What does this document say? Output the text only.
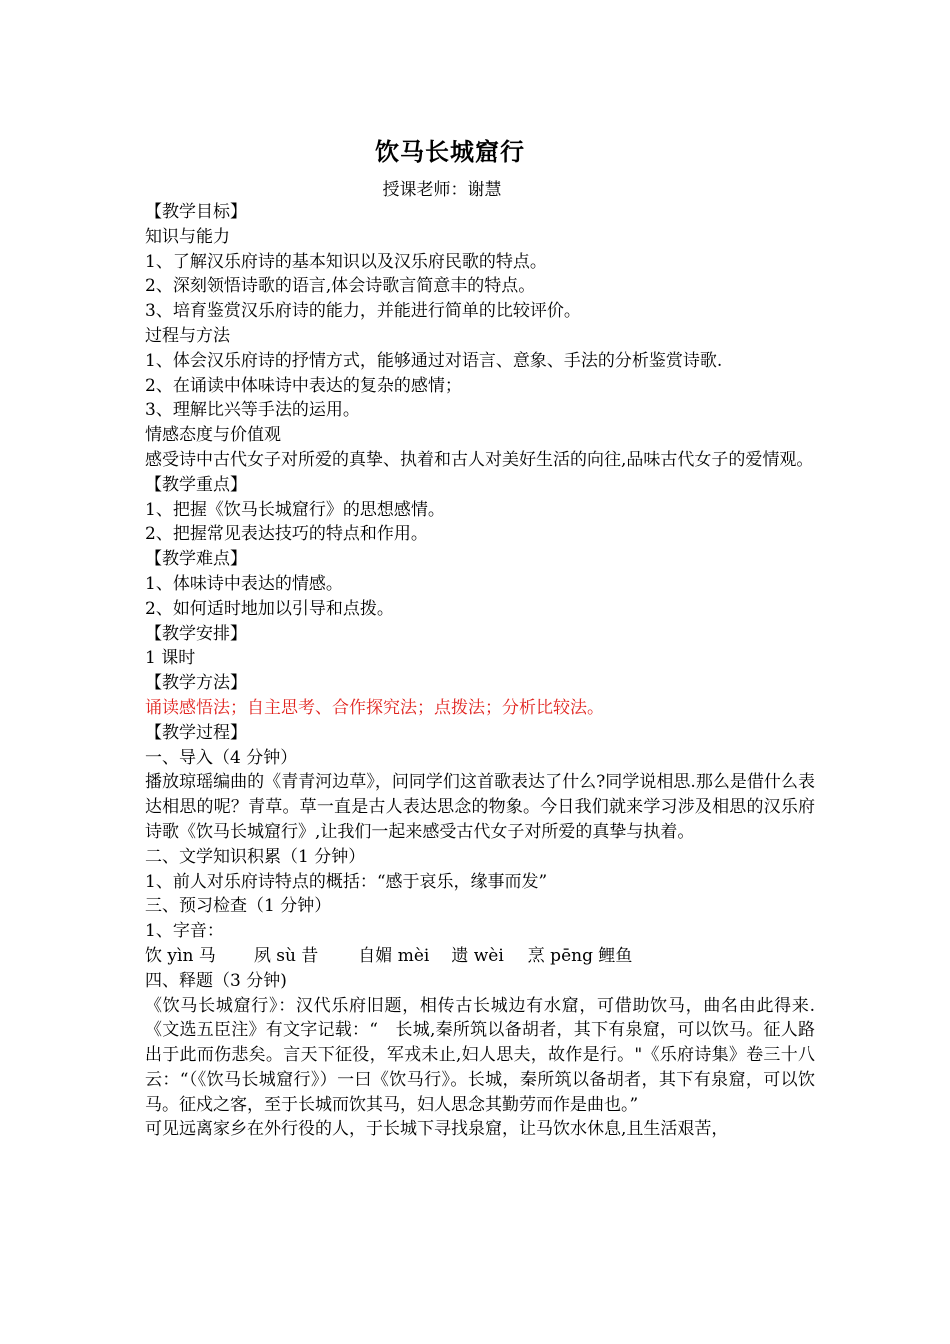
饮马长城窟行
授课老师：谢慧
【教学目标】
知识与能力
1、了解汉乐府诗的基本知识以及汉乐府民歌的特点。
2、深刻领悟诗歌的语言,体会诗歌言简意丰的特点。
3、培育鉴赏汉乐府诗的能力，并能进行简单的比较评价。
过程与方法
1、体会汉乐府诗的抒情方式，能够通过对语言、意象、手法的分析鉴赏诗歌.
2、在诵读中体味诗中表达的复杂的感情；
3、理解比兴等手法的运用。
情感态度与价值观
感受诗中古代女子对所爱的真挚、执着和古人对美好生活的向往,品味古代女子的爱情观。
【教学重点】
1、把握《饮马长城窟行》的思想感情。
2、把握常见表达技巧的特点和作用。
【教学难点】
1、体味诗中表达的情感。
2、如何适时地加以引导和点拨。
【教学安排】
1 课时
【教学方法】
诵读感悟法；自主思考、合作探究法；点拨法；分析比较法。
【教学过程】
一、导入（4 分钟）
播放琼瑶编曲的《青青河边草》，问同学们这首歌表达了什么?同学说相思.那么是借什么表达相思的呢？青草。草一直是古人表达思念的物象。今日我们就来学习涉及相思的汉乐府诗歌《饮马长城窟行》,让我们一起来感受古代女子对所爱的真挚与执着。
二、文学知识积累（1 分钟）
1、前人对乐府诗特点的概括：“感于哀乐，缘事而发”
三、预习检查（1 分钟）
1、字音：
饮 yìn 马 夙 sù 昔 自媚 mèi 遗 wèi 烹 pēng 鲤鱼
四、释题（3 分钟)
《饮马长城窟行》：汉代乐府旧题，相传古长城边有水窟，可借助饮马，曲名由此得来.《文选五臣注》有文字记载：“　长城,秦所筑以备胡者，其下有泉窟，可以饮马。征人路出于此而伤悲矣。言天下征役，军戎未止,妇人思夫，故作是行。"《乐府诗集》卷三十八云：“（《饮马长城窟行》）一曰《饮马行》。长城，秦所筑以备胡者，其下有泉窟，可以饮马。征戍之客，至于长城而饮其马，妇人思念其勤劳而作是曲也。”
可见远离家乡在外行役的人，于长城下寻找泉窟，让马饮水休息,且生活艰苦，
